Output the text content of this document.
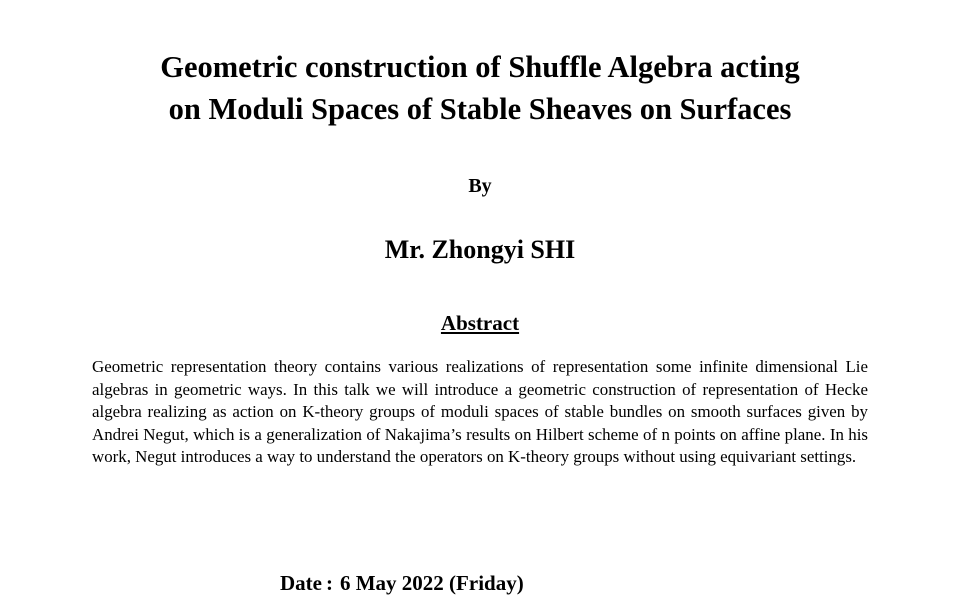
Geometric construction of Shuffle Algebra acting
on Moduli Spaces of Stable Sheaves on Surfaces
By
Mr. Zhongyi SHI
Abstract

Geometric representation theory contains various realizations of representation some infinite dimensional Lie algebras in geometric ways. In this talk we will introduce a geometric construction of representation of Hecke algebra realizing as action on K-theory groups of moduli spaces of stable bundles on smooth surfaces given by Andrei Negut, which is a generalization of Nakajima’s results on Hilbert scheme of n points on affine plane. In his work, Negut introduces a way to understand the operators on K-theory groups without using equivariant settings.

Date : 6 May 2022 (Friday)
